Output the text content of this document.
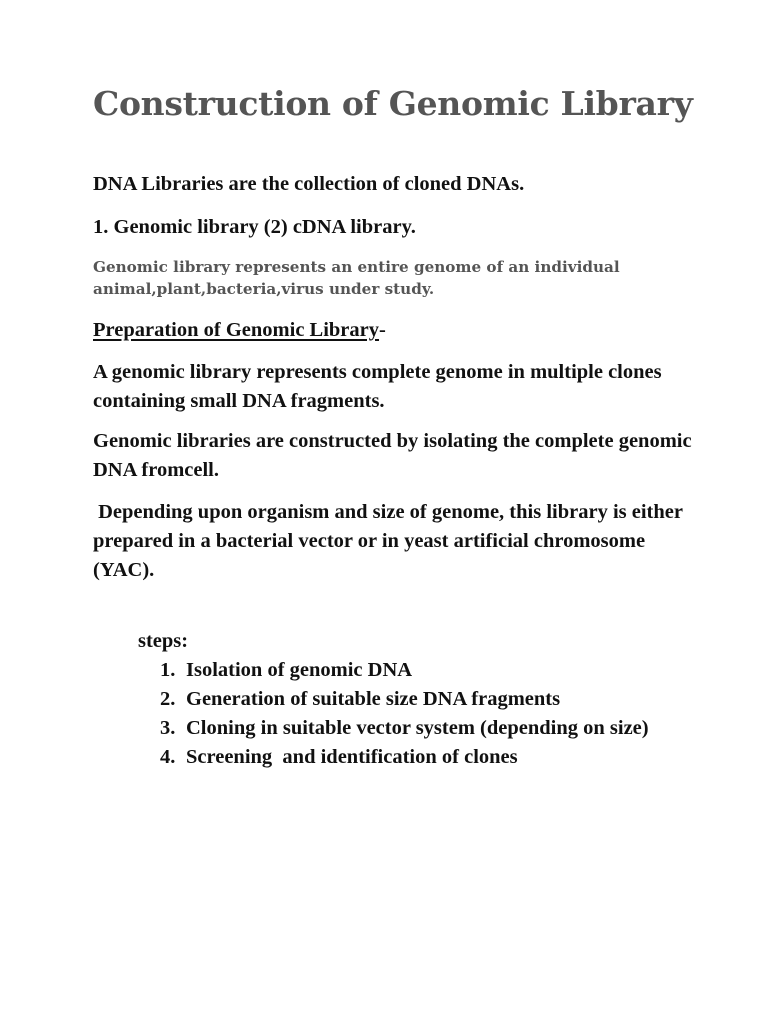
Construction of Genomic Library

DNA Libraries are the collection of cloned DNAs.

1. Genomic library (2) cDNA library.

Genomic library represents an entire genome of an individual animal,plant,bacteria,virus under study.

Preparation of Genomic Library-

A genomic library represents complete genome in multiple clones containing small DNA fragments.

Genomic libraries are constructed by isolating the complete genomic DNA fromcell.

Depending upon organism and size of genome, this library is either prepared in a bacterial vector or in yeast artificial chromosome (YAC).

steps:

1. Isolation of genomic DNA
2. Generation of suitable size DNA fragments
3. Cloning in suitable vector system (depending on size)
4. Screening  and identification of clones
